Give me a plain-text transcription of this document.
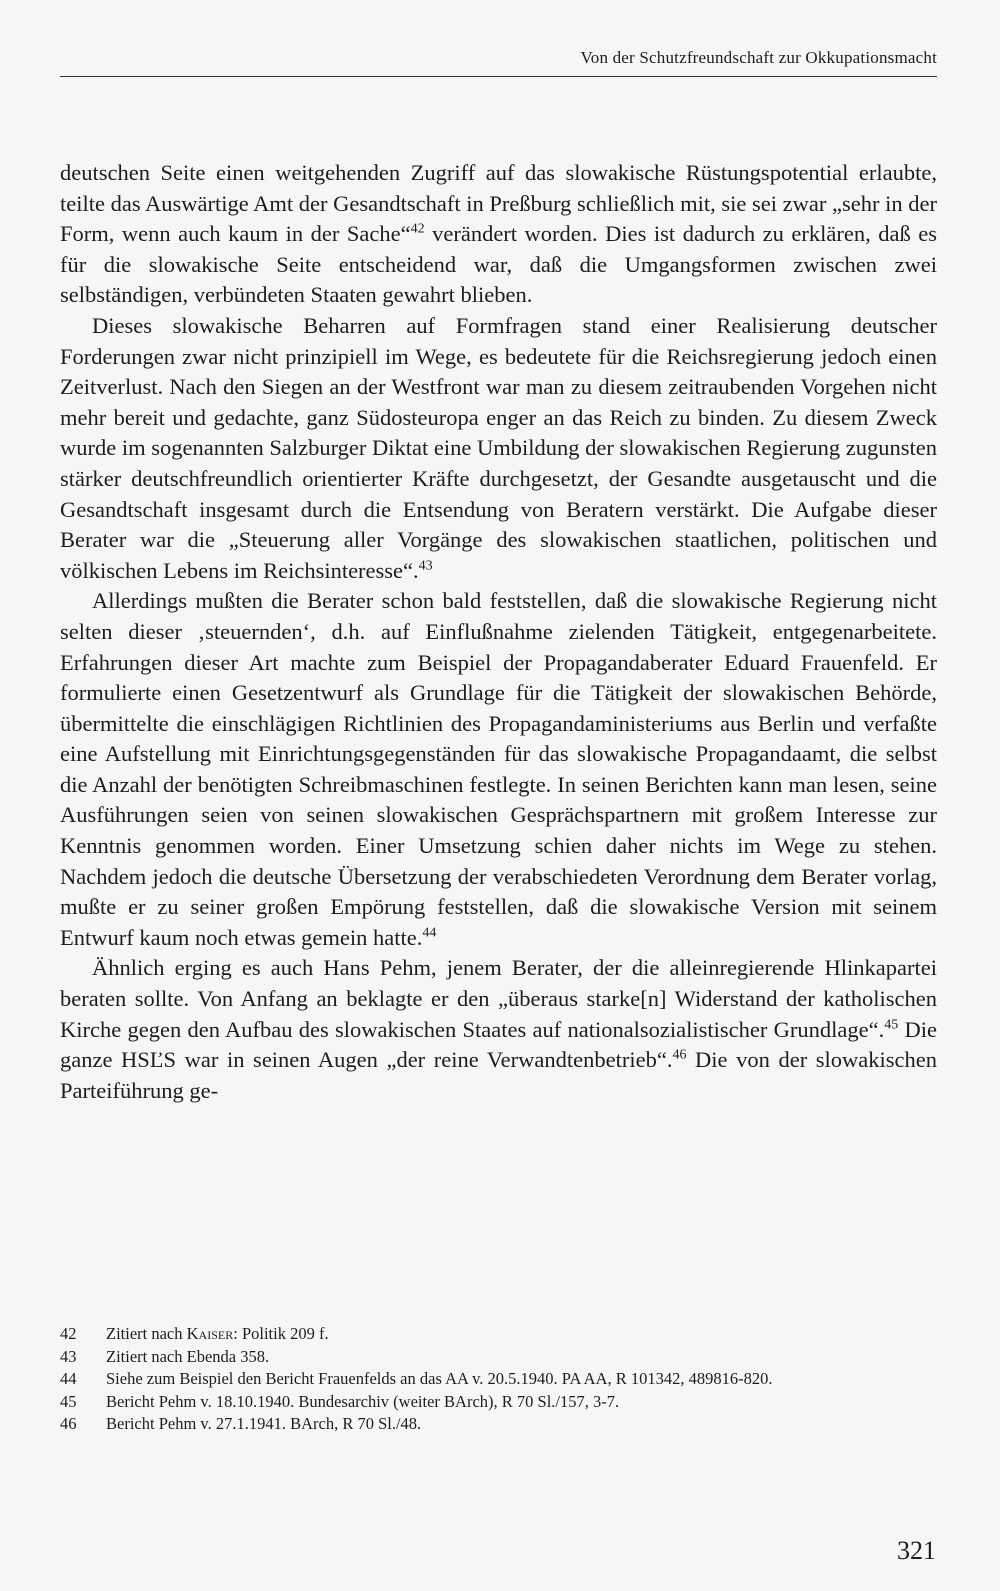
Von der Schutzfreundschaft zur Okkupationsmacht

deutschen Seite einen weitgehenden Zugriff auf das slowakische Rüstungspotential erlaubte, teilte das Auswärtige Amt der Gesandtschaft in Preßburg schließlich mit, sie sei zwar „sehr in der Form, wenn auch kaum in der Sache“$^{42}$ verändert worden. Dies ist dadurch zu erklären, daß es für die slowakische Seite entscheidend war, daß die Umgangsformen zwischen zwei selbständigen, verbündeten Staaten gewahrt blieben.

Dieses slowakische Beharren auf Formfragen stand einer Realisierung deutscher Forderungen zwar nicht prinzipiell im Wege, es bedeutete für die Reichsregierung jedoch einen Zeitverlust. Nach den Siegen an der Westfront war man zu diesem zeitraubenden Vorgehen nicht mehr bereit und gedachte, ganz Südosteuropa enger an das Reich zu binden. Zu diesem Zweck wurde im sogenannten Salzburger Diktat eine Umbildung der slowakischen Regierung zugunsten stärker deutschfreundlich orientierter Kräfte durchgesetzt, der Gesandte ausgetauscht und die Gesandtschaft insgesamt durch die Entsendung von Beratern verstärkt. Die Aufgabe dieser Berater war die „Steuerung aller Vorgänge des slowakischen staatlichen, politischen und völkischen Lebens im Reichsinteresse“.$^{43}$

Allerdings mußten die Berater schon bald feststellen, daß die slowakische Regierung nicht selten dieser ‚steuernden‘, d.h. auf Einflußnahme zielenden Tätigkeit, entgegenarbeitete. Erfahrungen dieser Art machte zum Beispiel der Propagandaberater Eduard Frauenfeld. Er formulierte einen Gesetzentwurf als Grundlage für die Tätigkeit der slowakischen Behörde, übermittelte die einschlägigen Richtlinien des Propagandaministeriums aus Berlin und verfaßte eine Aufstellung mit Einrichtungsgegenständen für das slowakische Propagandaamt, die selbst die Anzahl der benötigten Schreibmaschinen festlegte. In seinen Berichten kann man lesen, seine Ausführungen seien von seinen slowakischen Gesprächspartnern mit großem Interesse zur Kenntnis genommen worden. Einer Umsetzung schien daher nichts im Wege zu stehen. Nachdem jedoch die deutsche Übersetzung der verabschiedeten Verordnung dem Berater vorlag, mußte er zu seiner großen Empörung feststellen, daß die slowakische Version mit seinem Entwurf kaum noch etwas gemein hatte.$^{44}$

Ähnlich erging es auch Hans Pehm, jenem Berater, der die alleinregierende Hlinkapartei beraten sollte. Von Anfang an beklagte er den „überaus starke[n] Widerstand der katholischen Kirche gegen den Aufbau des slowakischen Staates auf nationalsozialistischer Grundlage“.$^{45}$ Die ganze HSĽS war in seinen Augen „der reine Verwandtenbetrieb“.$^{46}$ Die von der slowakischen Parteiführung ge-

42	Zitiert nach Kaiser: Politik 209 f.
43	Zitiert nach Ebenda 358.
44	Siehe zum Beispiel den Bericht Frauenfelds an das AA v. 20.5.1940. PA AA, R 101342, 489816-820.
45	Bericht Pehm v. 18.10.1940. Bundesarchiv (weiter BArch), R 70 Sl./157, 3-7.
46	Bericht Pehm v. 27.1.1941. BArch, R 70 Sl./48.
321
